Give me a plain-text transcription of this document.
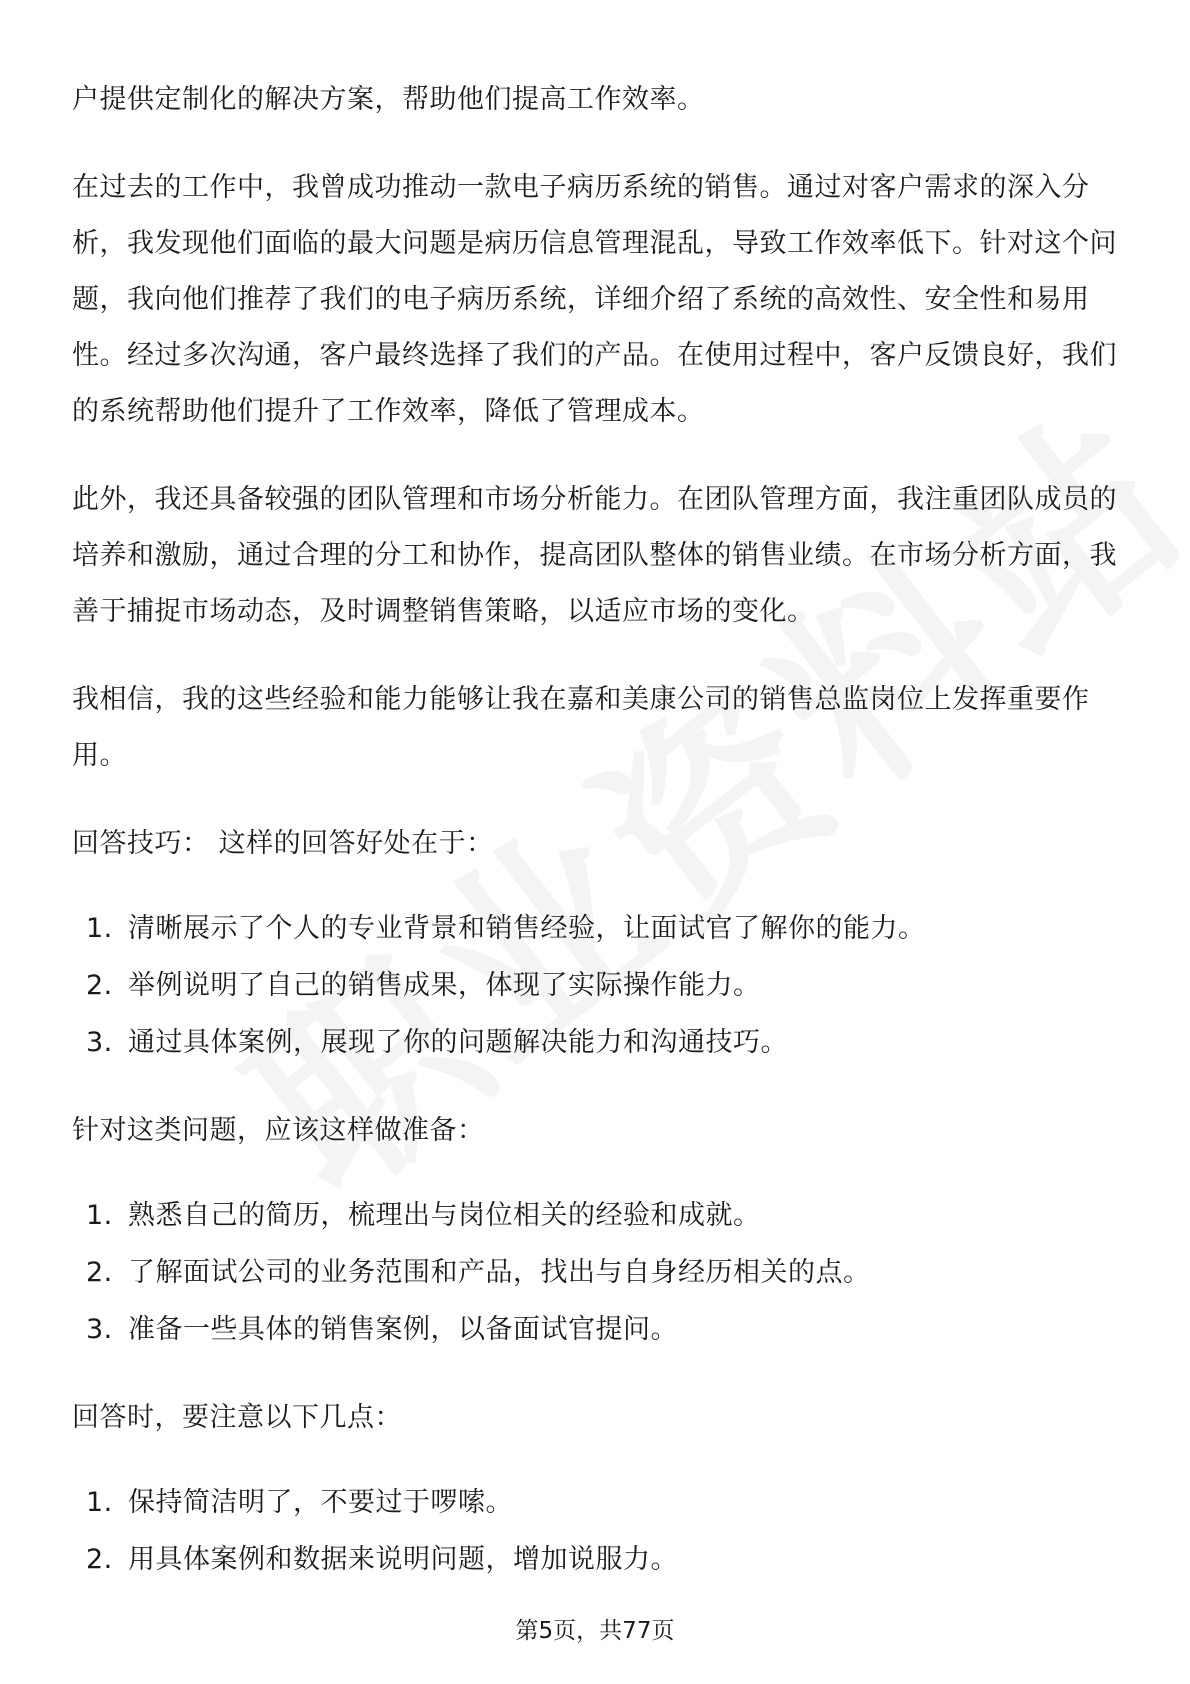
户提供定制化的解决方案，帮助他们提高工作效率。

在过去的工作中，我曾成功推动一款电子病历系统的销售。通过对客户需求的深入分析，我发现他们面临的最大问题是病历信息管理混乱，导致工作效率低下。针对这个问题，我向他们推荐了我们的电子病历系统，详细介绍了系统的高效性、安全性和易用性。经过多次沟通，客户最终选择了我们的产品。在使用过程中，客户反馈良好，我们的系统帮助他们提升了工作效率，降低了管理成本。

此外，我还具备较强的团队管理和市场分析能力。在团队管理方面，我注重团队成员的培养和激励，通过合理的分工和协作，提高团队整体的销售业绩。在市场分析方面，我善于捕捉市场动态，及时调整销售策略，以适应市场的变化。

我相信，我的这些经验和能力能够让我在嘉和美康公司的销售总监岗位上发挥重要作用。

回答技巧： 这样的回答好处在于：

1. 清晰展示了个人的专业背景和销售经验，让面试官了解你的能力。
2. 举例说明了自己的销售成果，体现了实际操作能力。
3. 通过具体案例，展现了你的问题解决能力和沟通技巧。

针对这类问题，应该这样做准备：

1. 熟悉自己的简历，梳理出与岗位相关的经验和成就。
2. 了解面试公司的业务范围和产品，找出与自身经历相关的点。
3. 准备一些具体的销售案例，以备面试官提问。

回答时，要注意以下几点：

1. 保持简洁明了，不要过于啰嗦。
2. 用具体案例和数据来说明问题，增加说服力。
第5页，共77页
